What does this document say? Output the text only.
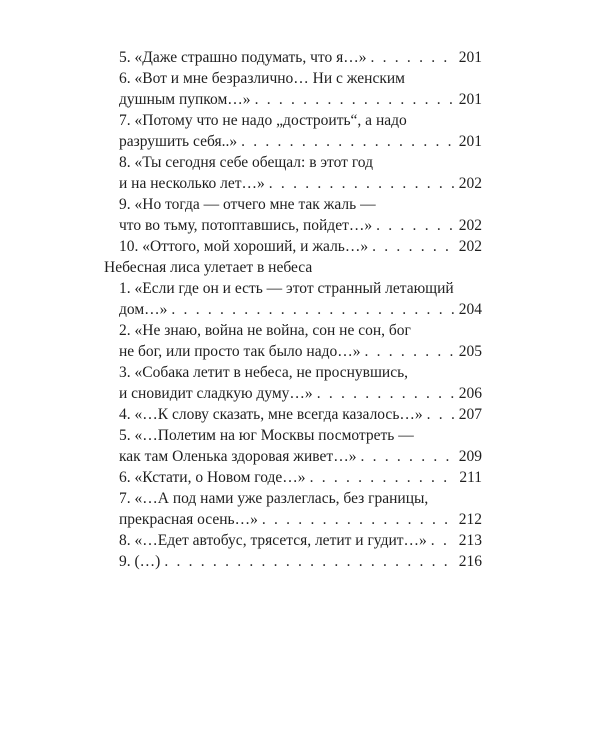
5. «Даже страшно подумать, что я…» . . .	201
6. «Вот и мне безразлично… Ни с женским
душным пупком…» . . .	201
7. «Потому что не надо „достроить“, а надо
разрушить себя..» . . .	201
8. «Ты сегодня себе обещал: в этот год
и на несколько лет…» . . .	202
9. «Но тогда — отчего мне так жаль —
что во тьму, потоптавшись, пойдет…» . . .	202
10. «Оттого, мой хороший, и жаль…» . . .	202
Небесная лиса улетает в небеса
1. «Если где он и есть — этот странный летающий
дом…» . . .	204
2. «Не знаю, война не война, сон не сон, бог
не бог, или просто так было надо…» . . .	205
3. «Собака летит в небеса, не проснувшись,
и сновидит сладкую думу…» . . .	206
4. «…К слову сказать, мне всегда казалось…» . . . 207
5. «…Полетим на юг Москвы посмотреть —
как там Оленька здоровая живет…» . . .	209
6. «Кстати, о Новом годе…» . . .	211
7. «…А под нами уже разлеглась, без границы,
прекрасная осень…» . . .	212
8. «…Едет автобус, трясется, летит и гудит…» . . . 213
9. (…) . . .	216
